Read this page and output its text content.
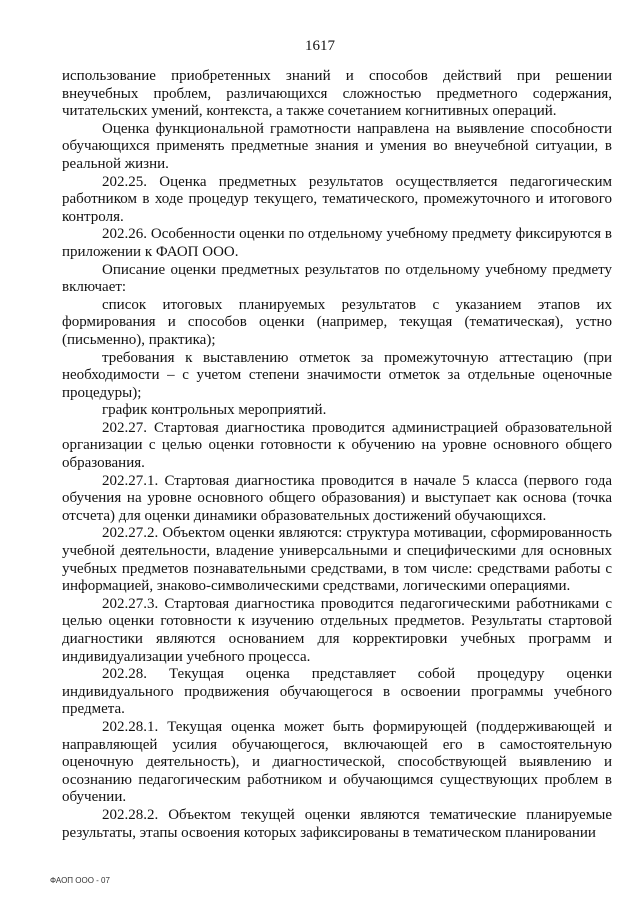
1617

использование приобретенных знаний и способов действий при решении внеучебных проблем, различающихся сложностью предметного содержания, читательских умений, контекста, а также сочетанием когнитивных операций.

Оценка функциональной грамотности направлена на выявление способности обучающихся применять предметные знания и умения во внеучебной ситуации, в реальной жизни.

202.25. Оценка предметных результатов осуществляется педагогическим работником в ходе процедур текущего, тематического, промежуточного и итогового контроля.

202.26. Особенности оценки по отдельному учебному предмету фиксируются в приложении к ФАОП ООО.

Описание оценки предметных результатов по отдельному учебному предмету включает:

список итоговых планируемых результатов с указанием этапов их формирования и способов оценки (например, текущая (тематическая), устно (письменно), практика);

требования к выставлению отметок за промежуточную аттестацию (при необходимости – с учетом степени значимости отметок за отдельные оценочные процедуры);

график контрольных мероприятий.

202.27. Стартовая диагностика проводится администрацией образовательной организации с целью оценки готовности к обучению на уровне основного общего образования.

202.27.1. Стартовая диагностика проводится в начале 5 класса (первого года обучения на уровне основного общего образования) и выступает как основа (точка отсчета) для оценки динамики образовательных достижений обучающихся.

202.27.2. Объектом оценки являются: структура мотивации, сформированность учебной деятельности, владение универсальными и специфическими для основных учебных предметов познавательными средствами, в том числе: средствами работы с информацией, знаково-символическими средствами, логическими операциями.

202.27.3. Стартовая диагностика проводится педагогическими работниками с целью оценки готовности к изучению отдельных предметов. Результаты стартовой диагностики являются основанием для корректировки учебных программ и индивидуализации учебного процесса.

202.28. Текущая оценка представляет собой процедуру оценки индивидуального продвижения обучающегося в освоении программы учебного предмета.

202.28.1. Текущая оценка может быть формирующей (поддерживающей и направляющей усилия обучающегося, включающей его в самостоятельную оценочную деятельность), и диагностической, способствующей выявлению и осознанию педагогическим работником и обучающимся существующих проблем в обучении.

202.28.2. Объектом текущей оценки являются тематические планируемые результаты, этапы освоения которых зафиксированы в тематическом планировании

ФАОП ООО - 07
